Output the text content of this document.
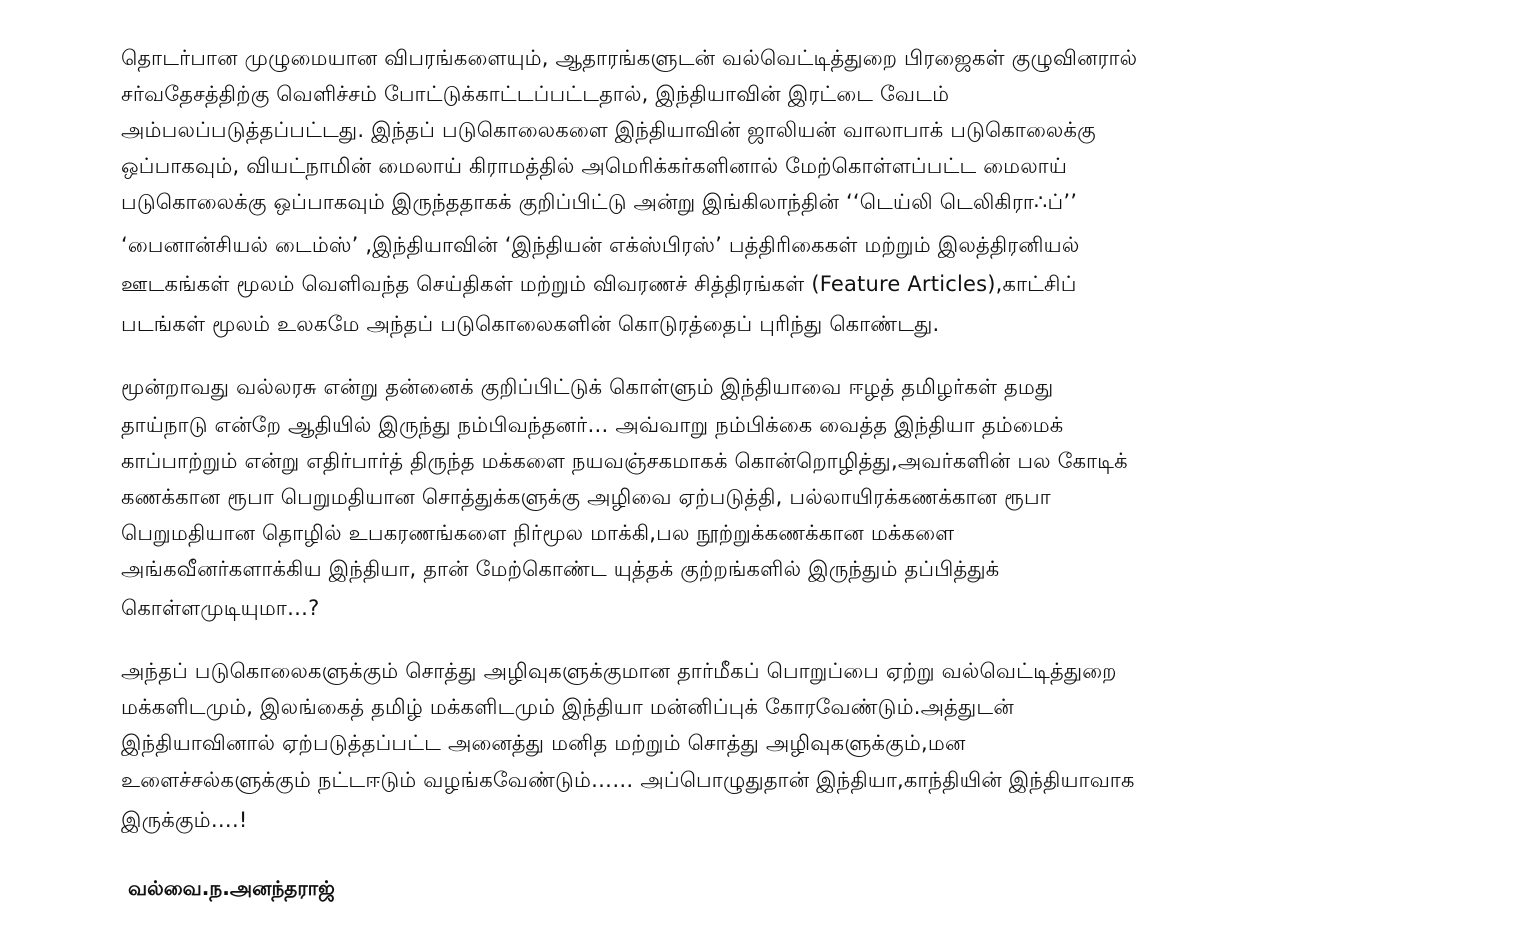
தொடர்பான முழுமையான விபரங்களையும், ஆதாரங்களுடன் வல்வெட்டித்துறை பிரஜைகள் குழுவினரால்
சர்வதேசத்திற்கு வெளிச்சம் போட்டுக்காட்டப்பட்டதால், இந்தியாவின் இரட்டை வேடம்
அம்பலப்படுத்தப்பட்டது. இந்தப் படுகொலைகளை இந்தியாவின் ஜாலியன் வாலாபாக் படுகொலைக்கு
ஒப்பாகவும், வியட்நாமின் மைலாய் கிராமத்தில் அமெரிக்கர்களினால் மேற்கொள்ளப்பட்ட மைலாய்
படுகொலைக்கு ஒப்பாகவும் இருந்ததாகக் குறிப்பிட்டு அன்று இங்கிலாந்தின் ‘‘டெய்லி டெலிகிரா∴ப்’’
‘பைனான்சியல் டைம்ஸ்’ ,இந்தியாவின் ‘இந்தியன் எக்ஸ்பிரஸ்’ பத்திரிகைகள் மற்றும் இலத்திரனியல்
ஊடகங்கள் மூலம் வெளிவந்த செய்திகள் மற்றும் விவரணச் சித்திரங்கள் (Feature Articles),காட்சிப்
படங்கள் மூலம் உலகமே அந்தப் படுகொலைகளின் கொடுரத்தைப் புரிந்து கொண்டது.
மூன்றாவது வல்லரசு என்று தன்னைக் குறிப்பிட்டுக் கொள்ளும் இந்தியாவை ஈழத் தமிழர்கள் தமது
தாய்நாடு என்றே ஆதியில் இருந்து நம்பிவந்தனர்… அவ்வாறு நம்பிக்கை வைத்த இந்தியா தம்மைக்
காப்பாற்றும் என்று எதிர்பார்த் திருந்த மக்களை நயவஞ்சகமாகக் கொன்றொழித்து,அவர்களின் பல கோடிக்
கணக்கான ரூபா பெறுமதியான சொத்துக்களுக்கு அழிவை ஏற்படுத்தி, பல்லாயிரக்கணக்கான ரூபா
பெறுமதியான தொழில் உபகரணங்களை நிர்மூல மாக்கி,பல நூற்றுக்கணக்கான மக்களை
அங்கவீனர்களாக்கிய இந்தியா, தான் மேற்கொண்ட யுத்தக் குற்றங்களில் இருந்தும் தப்பித்துக்
கொள்ளமுடியுமா…?
அந்தப் படுகொலைகளுக்கும் சொத்து அழிவுகளுக்குமான தார்மீகப் பொறுப்பை ஏற்று வல்வெட்டித்துறை
மக்களிடமும், இலங்கைத் தமிழ் மக்களிடமும் இந்தியா மன்னிப்புக் கோரவேண்டும்.அத்துடன்
இந்தியாவினால் ஏற்படுத்தப்பட்ட அனைத்து மனித மற்றும் சொத்து அழிவுகளுக்கும்,மன
உளைச்சல்களுக்கும் நட்டஈடும் வழங்கவேண்டும்…… அப்பொழுதுதான் இந்தியா,காந்தியின் இந்தியாவாக
இருக்கும்….!
வல்வை.ந.அனந்தராஜ்
